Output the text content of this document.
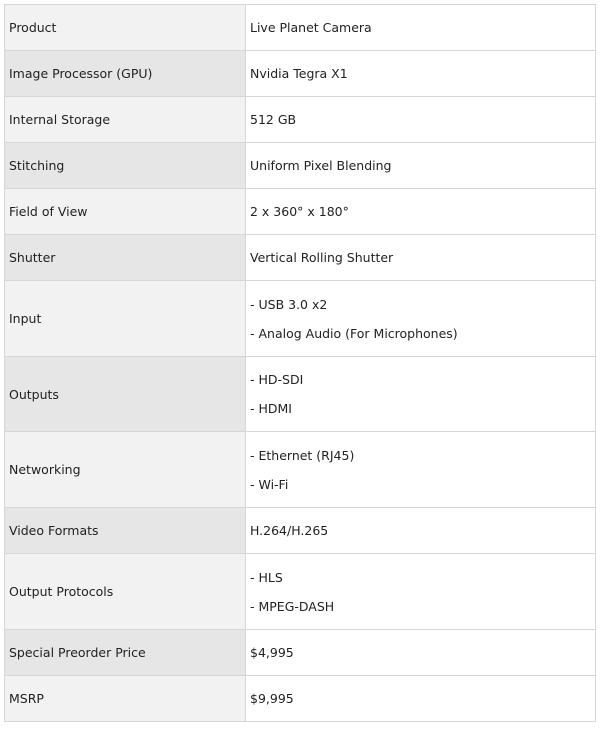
Product	Live Planet Camera

Image Processor (GPU)	Nvidia Tegra X1

Internal Storage	512 GB

Stitching	Uniform Pixel Blending

Field of View	2 x 360° x 180°

Shutter	Vertical Rolling Shutter

Input	- USB 3.0 x2
- Analog Audio (For Microphones)

Outputs	- HD-SDI
- HDMI

Networking	- Ethernet (RJ45)
- Wi-Fi

Video Formats	H.264/H.265

Output Protocols	- HLS
- MPEG-DASH

Special Preorder Price	$4,995

MSRP	$9,995
